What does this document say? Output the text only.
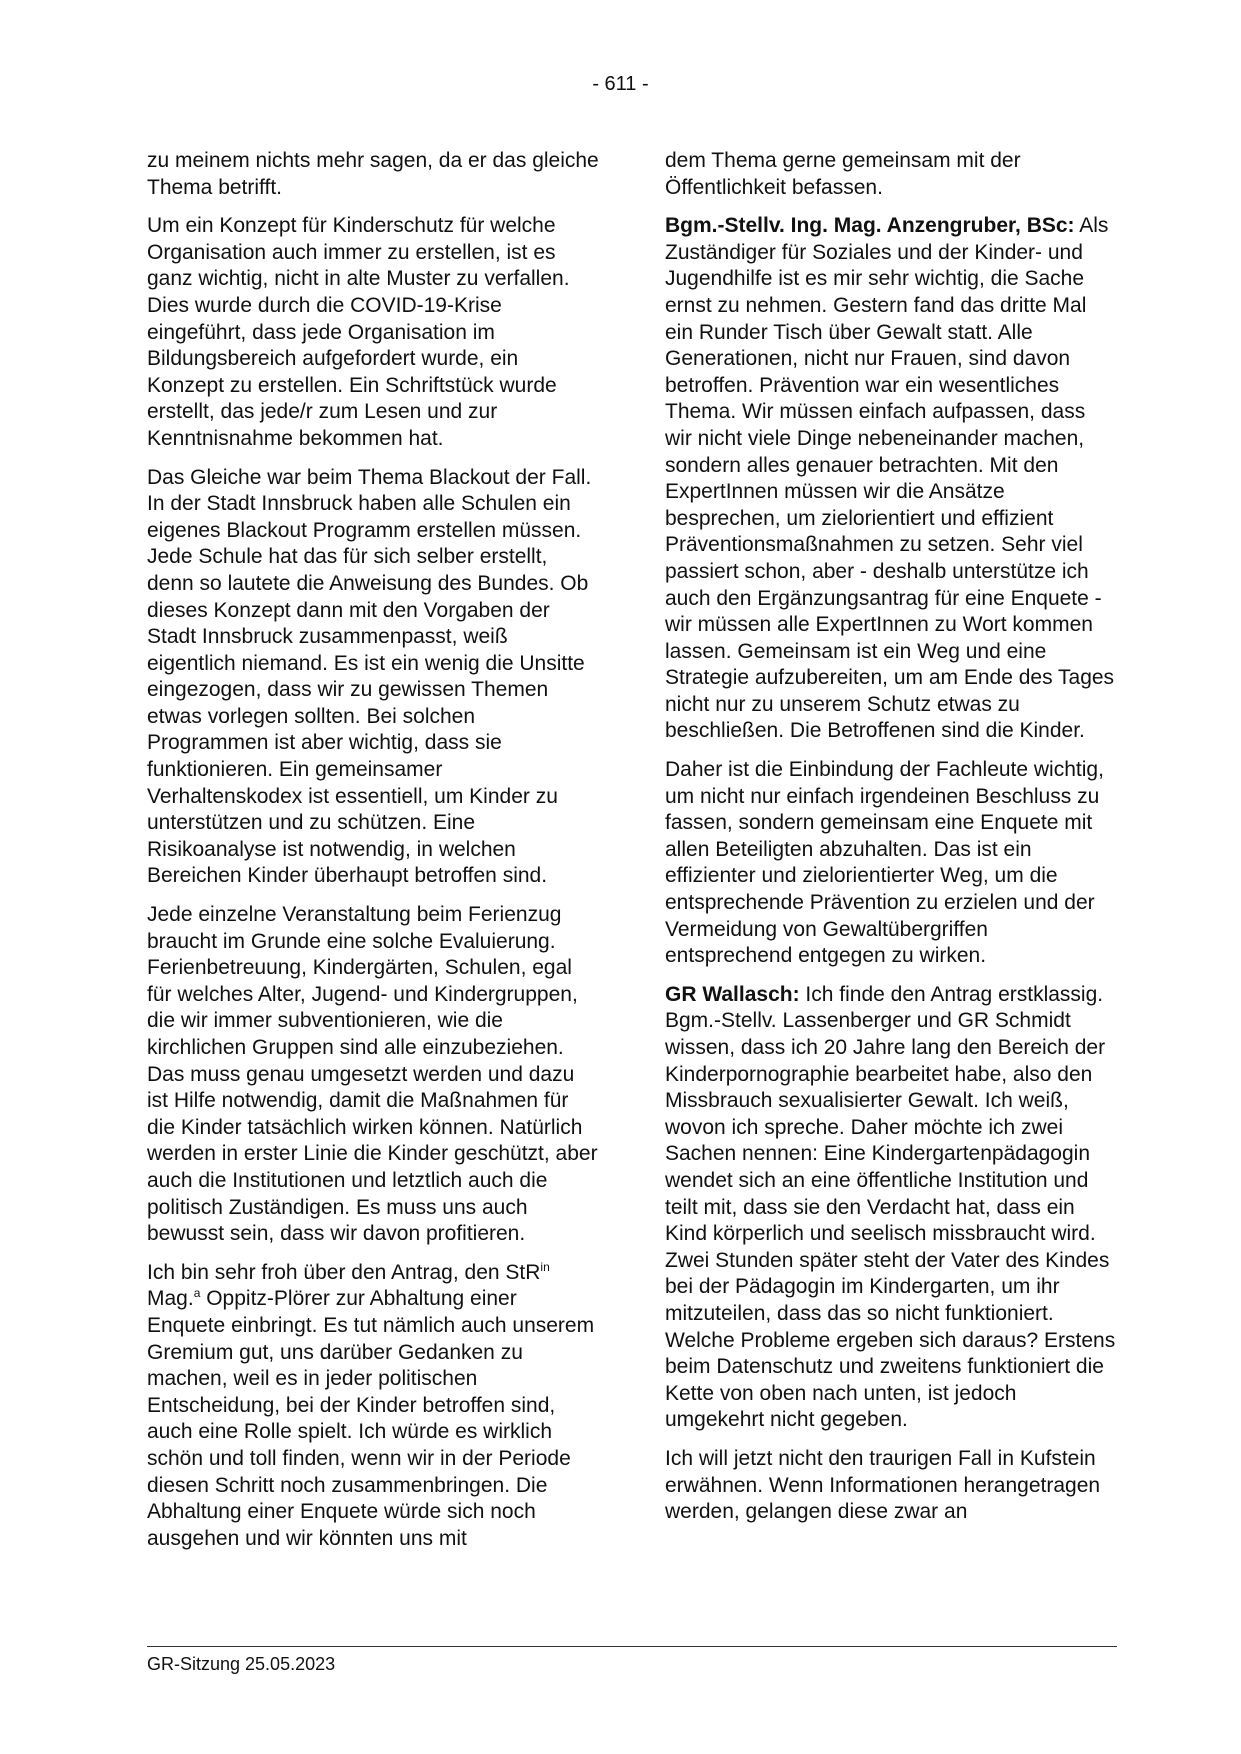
- 611 -

zu meinem nichts mehr sagen, da er das gleiche Thema betrifft.

Um ein Konzept für Kinderschutz für welche Organisation auch immer zu erstellen, ist es ganz wichtig, nicht in alte Muster zu verfallen. Dies wurde durch die COVID-19-Krise eingeführt, dass jede Organisation im Bildungsbereich aufgefordert wurde, ein Konzept zu erstellen. Ein Schriftstück wurde erstellt, das jede/r zum Lesen und zur Kenntnisnahme bekommen hat.

Das Gleiche war beim Thema Blackout der Fall. In der Stadt Innsbruck haben alle Schulen ein eigenes Blackout Programm erstellen müssen. Jede Schule hat das für sich selber erstellt, denn so lautete die Anweisung des Bundes. Ob dieses Konzept dann mit den Vorgaben der Stadt Innsbruck zusammenpasst, weiß eigentlich niemand. Es ist ein wenig die Unsitte eingezogen, dass wir zu gewissen Themen etwas vorlegen sollten. Bei solchen Programmen ist aber wichtig, dass sie funktionieren. Ein gemeinsamer Verhaltenskodex ist essentiell, um Kinder zu unterstützen und zu schützen. Eine Risikoanalyse ist notwendig, in welchen Bereichen Kinder überhaupt betroffen sind.

Jede einzelne Veranstaltung beim Ferienzug braucht im Grunde eine solche Evaluierung. Ferienbetreuung, Kindergärten, Schulen, egal für welches Alter, Jugend- und Kindergruppen, die wir immer subventionieren, wie die kirchlichen Gruppen sind alle einzubeziehen. Das muss genau umgesetzt werden und dazu ist Hilfe notwendig, damit die Maßnahmen für die Kinder tatsächlich wirken können. Natürlich werden in erster Linie die Kinder geschützt, aber auch die Institutionen und letztlich auch die politisch Zuständigen. Es muss uns auch bewusst sein, dass wir davon profitieren.

Ich bin sehr froh über den Antrag, den StR$^{in}$ Mag.$^a$ Oppitz-Plörer zur Abhaltung einer Enquete einbringt. Es tut nämlich auch unserem Gremium gut, uns darüber Gedanken zu machen, weil es in jeder politischen Entscheidung, bei der Kinder betroffen sind, auch eine Rolle spielt. Ich würde es wirklich schön und toll finden, wenn wir in der Periode diesen Schritt noch zusammenbringen. Die Abhaltung einer Enquete würde sich noch ausgehen und wir könnten uns mit

dem Thema gerne gemeinsam mit der Öffentlichkeit befassen.

Bgm.-Stellv. Ing. Mag. Anzengruber, BSc: Als Zuständiger für Soziales und der Kinder- und Jugendhilfe ist es mir sehr wichtig, die Sache ernst zu nehmen. Gestern fand das dritte Mal ein Runder Tisch über Gewalt statt. Alle Generationen, nicht nur Frauen, sind davon betroffen. Prävention war ein wesentliches Thema. Wir müssen einfach aufpassen, dass wir nicht viele Dinge nebeneinander machen, sondern alles genauer betrachten. Mit den ExpertInnen müssen wir die Ansätze besprechen, um zielorientiert und effizient Präventionsmaßnahmen zu setzen. Sehr viel passiert schon, aber - deshalb unterstütze ich auch den Ergänzungsantrag für eine Enquete - wir müssen alle ExpertInnen zu Wort kommen lassen. Gemeinsam ist ein Weg und eine Strategie aufzubereiten, um am Ende des Tages nicht nur zu unserem Schutz etwas zu beschließen. Die Betroffenen sind die Kinder.

Daher ist die Einbindung der Fachleute wichtig, um nicht nur einfach irgendeinen Beschluss zu fassen, sondern gemeinsam eine Enquete mit allen Beteiligten abzuhalten. Das ist ein effizienter und zielorientierter Weg, um die entsprechende Prävention zu erzielen und der Vermeidung von Gewaltübergriffen entsprechend entgegen zu wirken.

GR Wallasch: Ich finde den Antrag erstklassig. Bgm.-Stellv. Lassenberger und GR Schmidt wissen, dass ich 20 Jahre lang den Bereich der Kinderpornographie bearbeitet habe, also den Missbrauch sexualisierter Gewalt. Ich weiß, wovon ich spreche. Daher möchte ich zwei Sachen nennen: Eine Kindergartenpädagogin wendet sich an eine öffentliche Institution und teilt mit, dass sie den Verdacht hat, dass ein Kind körperlich und seelisch missbraucht wird. Zwei Stunden später steht der Vater des Kindes bei der Pädagogin im Kindergarten, um ihr mitzuteilen, dass das so nicht funktioniert. Welche Probleme ergeben sich daraus? Erstens beim Datenschutz und zweitens funktioniert die Kette von oben nach unten, ist jedoch umgekehrt nicht gegeben.

Ich will jetzt nicht den traurigen Fall in Kufstein erwähnen. Wenn Informationen herangetragen werden, gelangen diese zwar an

GR-Sitzung 25.05.2023
